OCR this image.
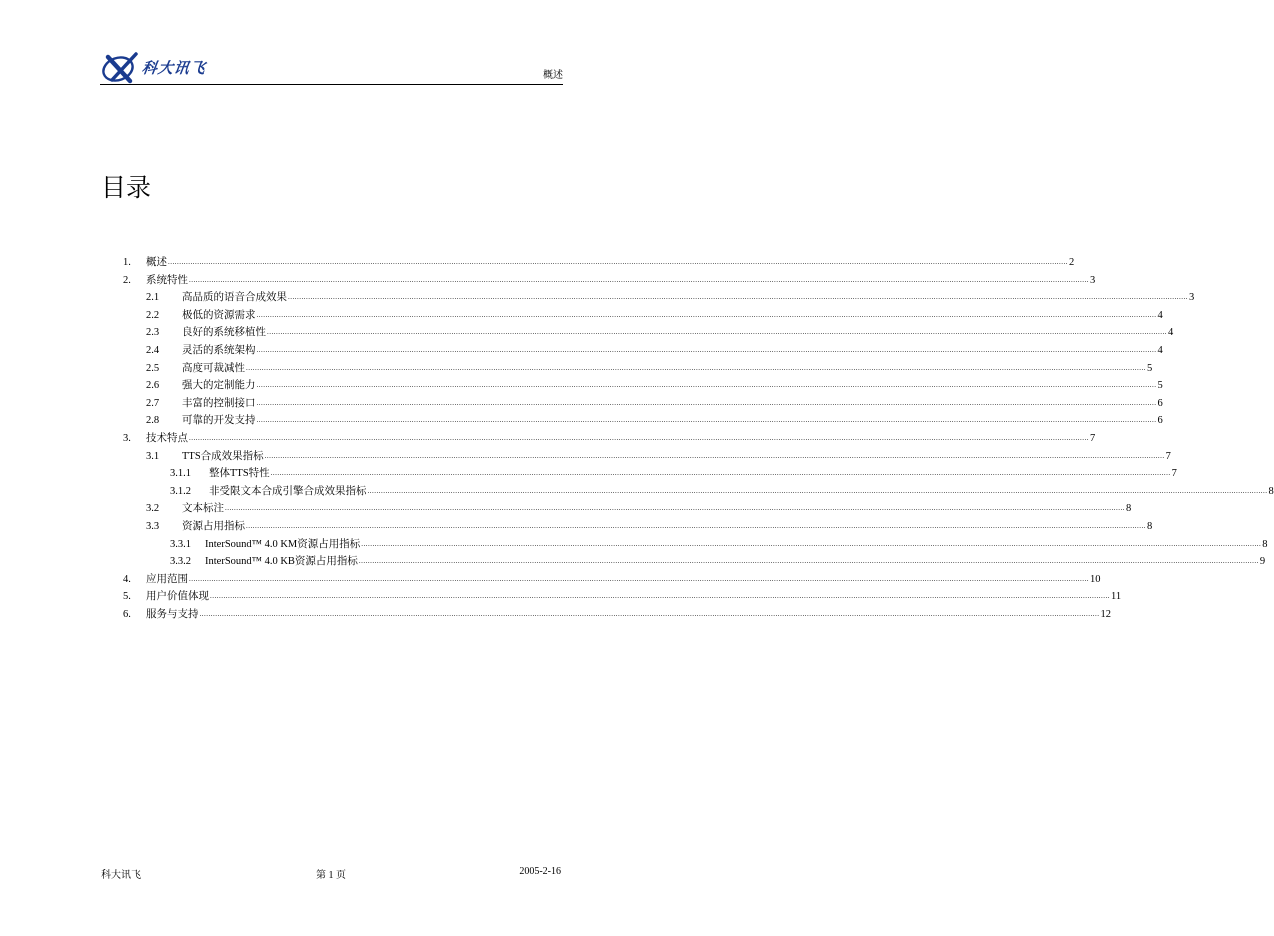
科大讯飞	概述
目录
1. 概述 ................................................................................................................................................................................................................................................................................................................................................................................................................ 2
2. 系统特性 ................................................................................................................................................................................................................................................................................................................................................................................................................ 3
2.1 高品质的语音合成效果 ................................................................................................................................................................................................................................................................................................................................................................................................................ 3
2.2 极低的资源需求 ................................................................................................................................................................................................................................................................................................................................................................................................................ 4
2.3 良好的系统移植性 ................................................................................................................................................................................................................................................................................................................................................................................................................ 4
2.4 灵活的系统架构 ................................................................................................................................................................................................................................................................................................................................................................................................................ 4
2.5 高度可裁减性 ................................................................................................................................................................................................................................................................................................................................................................................................................ 5
2.6 强大的定制能力 ................................................................................................................................................................................................................................................................................................................................................................................................................ 5
2.7 丰富的控制接口 ................................................................................................................................................................................................................................................................................................................................................................................................................ 6
2.8 可靠的开发支持 ................................................................................................................................................................................................................................................................................................................................................................................................................ 6
3. 技术特点 ................................................................................................................................................................................................................................................................................................................................................................................................................ 7
3.1 TTS合成效果指标 ................................................................................................................................................................................................................................................................................................................................................................................................................ 7
3.1.1 整体TTS特性 ................................................................................................................................................................................................................................................................................................................................................................................................................ 7
3.1.2 非受限文本合成引擎合成效果指标 ................................................................................................................................................................................................................................................................................................................................................................................................................ 8
3.2 文本标注 ................................................................................................................................................................................................................................................................................................................................................................................................................ 8
3.3 资源占用指标 ................................................................................................................................................................................................................................................................................................................................................................................................................ 8
3.3.1 InterSound™ 4.0 KM资源占用指标 ................................................................................................................................................................................................................................................................................................................................................................................................................ 8
3.3.2 InterSound™ 4.0 KB资源占用指标 ................................................................................................................................................................................................................................................................................................................................................................................................................ 9
4. 应用范围 ................................................................................................................................................................................................................................................................................................................................................................................................................ 10
5. 用户价值体现 ................................................................................................................................................................................................................................................................................................................................................................................................................ 11
6. 服务与支持 ................................................................................................................................................................................................................................................................................................................................................................................................................ 12
科大讯飞	第 1 页	2005-2-16
